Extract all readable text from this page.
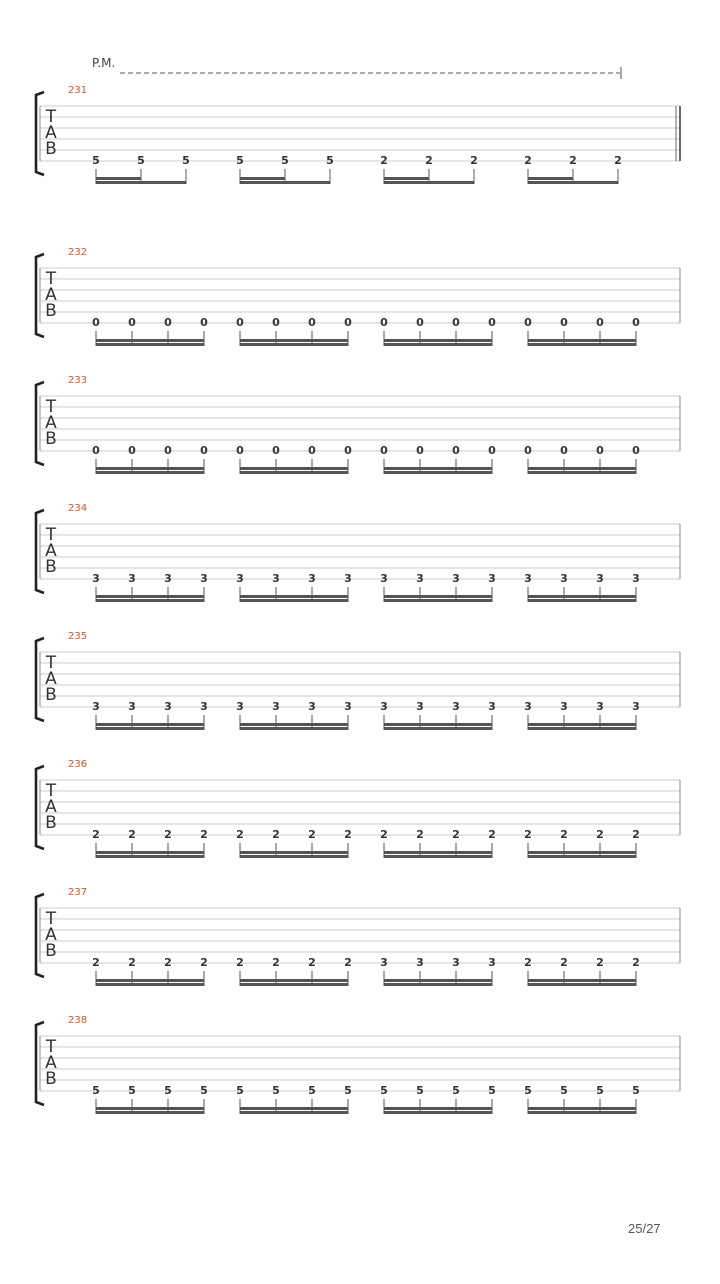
P.M.
231
T
A
B
5	5	5	5	5	5	2	2	2	2	2	2
232
T
A
B
0	0	0	0	0	0	0	0	0	0	0	0	0	0	0	0
233
T
A
B
0	0	0	0	0	0	0	0	0	0	0	0	0	0	0	0
234
T
A
B
3	3	3	3	3	3	3	3	3	3	3	3	3	3	3	3
235
T
A
B
3	3	3	3	3	3	3	3	3	3	3	3	3	3	3	3
236
T
A
B
2	2	2	2	2	2	2	2	2	2	2	2	2	2	2	2
237
T
A
B
2	2	2	2	2	2	2	2	3	3	3	3	2	2	2	2
238
T
A
B
5	5	5	5	5	5	5	5	5	5	5	5	5	5	5	5
25/27
